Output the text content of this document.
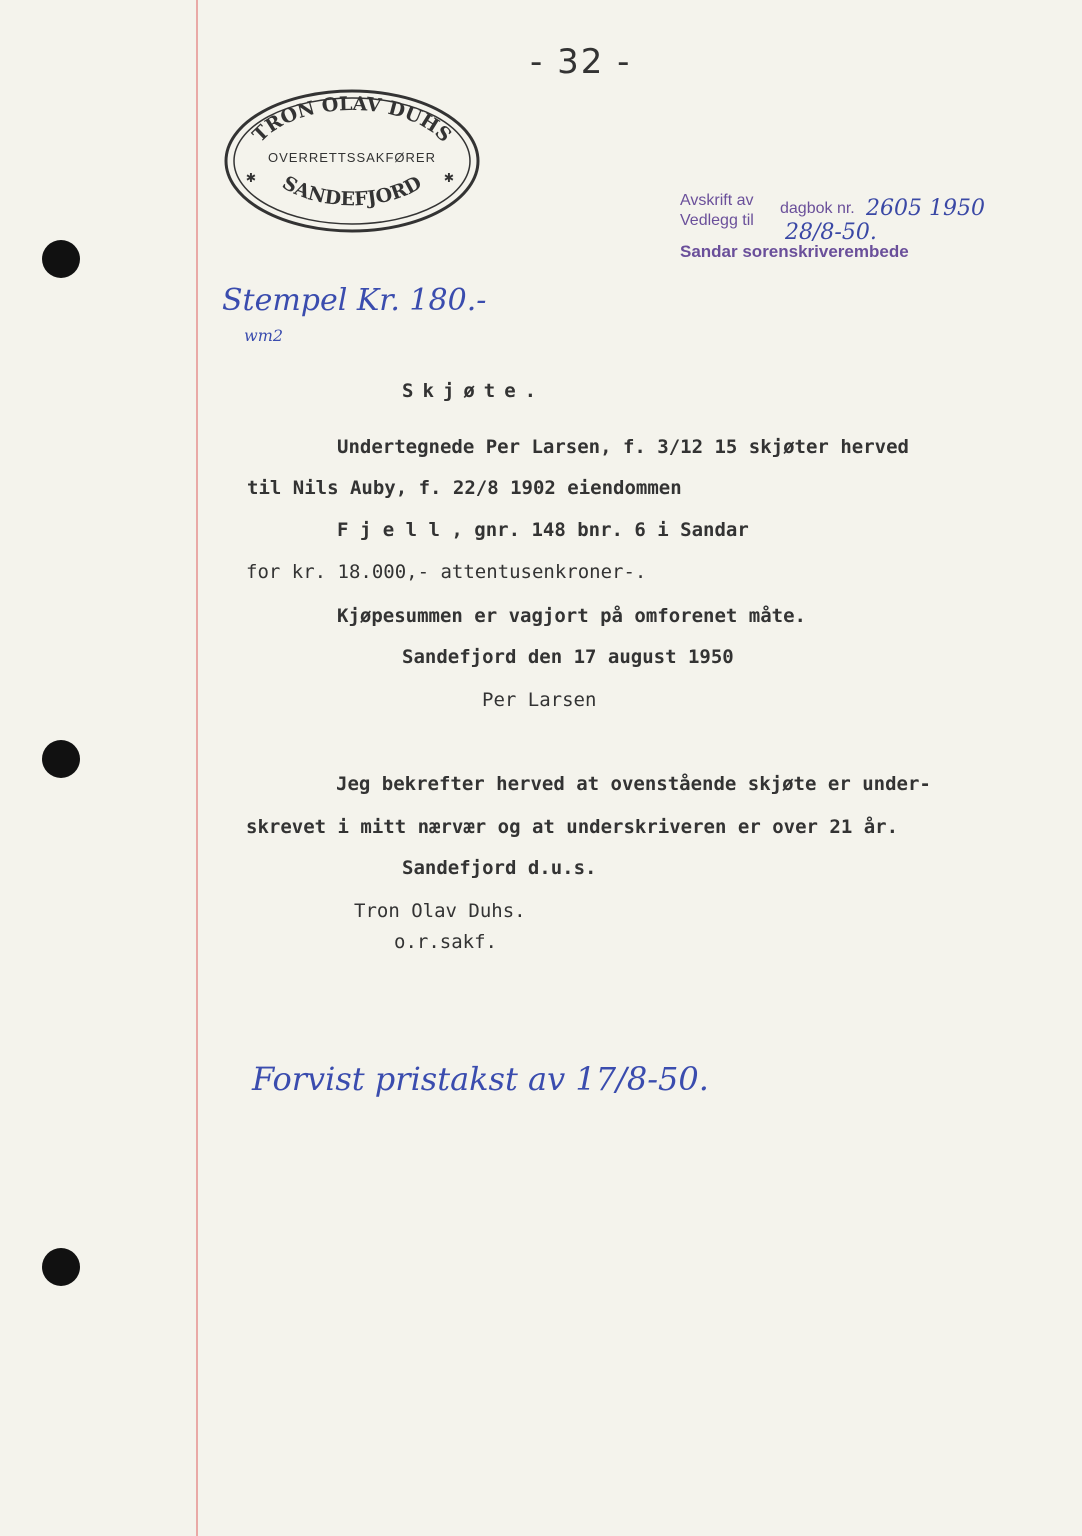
- 32 -
TRON OLAV DUHS
SANDEFJORD
✱	✱
OVERRETTSSAKFØRER
Avskrift av
Vedlegg til
dagbok nr.
Sandar sorenskriverembede
2605 1950
28/8-50.
Stempel Kr. 180.-
wm2
Skjøte.
Undertegnede Per Larsen, f. 3/12 15 skjøter herved
til Nils Auby, f. 22/8 1902 eiendommen
F j e l l , gnr. 148 bnr. 6 i Sandar
for kr. 18.000,- attentusenkroner-.
Kjøpesummen er vagjort på omforenet måte.
Sandefjord den 17 august 1950
Per Larsen
Jeg bekrefter herved at ovenstående skjøte er under-
skrevet i mitt nærvær og at underskriveren er over 21 år.
Sandefjord d.u.s.
Tron Olav Duhs.
o.r.sakf.
Forvist pristakst av 17/8-50.
